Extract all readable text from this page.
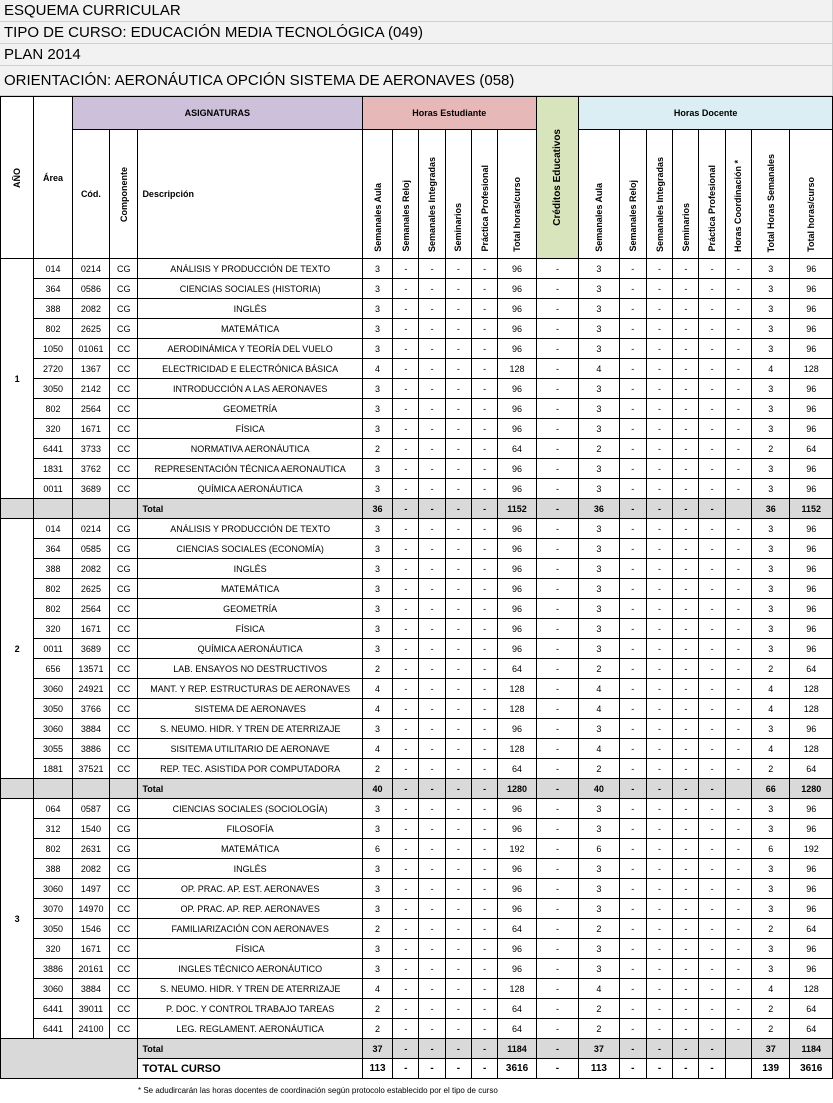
ESQUEMA CURRICULAR
TIPO DE CURSO: EDUCACIÓN MEDIA TECNOLÓGICA (049)
PLAN 2014
ORIENTACIÓN: AERONÁUTICA OPCIÓN SISTEMA DE AERONAVES (058)
AÑO	Área	ASIGNATURAS			Horas Estudiante						Créditos Educativos	Horas Docente							
		Cód.	Componente	Descripción	Semanales Aula	Semanales Reloj	Semanales Integradas	Seminarios	Práctica Profesional	Total horas/curso		Semanales Aula	Semanales Reloj	Semanales Integradas	Seminarios	Práctica Profesional	Horas Coordinación *	Total Horas Semanales	Total horas/curso

1	014	0214	CG	ANÁLISIS Y PRODUCCIÓN DE TEXTO	3	-	-	-	-	96	-	3	-	-	-	-	-	3	96
	364	0586	CG	CIENCIAS SOCIALES (HISTORIA)	3	-	-	-	-	96	-	3	-	-	-	-	-	3	96
	388	2082	CG	INGLÉS	3	-	-	-	-	96	-	3	-	-	-	-	-	3	96
	802	2625	CG	MATEMÁTICA	3	-	-	-	-	96	-	3	-	-	-	-	-	3	96
	1050	01061	CC	AERODINÁMICA Y TEORÍA DEL VUELO	3	-	-	-	-	96	-	3	-	-	-	-	-	3	96
	2720	1367	CC	ELECTRICIDAD E ELECTRÓNICA BÁSICA	4	-	-	-	-	128	-	4	-	-	-	-	-	4	128
	3050	2142	CC	INTRODUCCIÓN A LAS AERONAVES	3	-	-	-	-	96	-	3	-	-	-	-	-	3	96
	802	2564	CC	GEOMETRÍA	3	-	-	-	-	96	-	3	-	-	-	-	-	3	96
	320	1671	CC	FÍSICA	3	-	-	-	-	96	-	3	-	-	-	-	-	3	96
	6441	3733	CC	NORMATIVA AERONÁUTICA	2	-	-	-	-	64	-	2	-	-	-	-	-	2	64
	1831	3762	CC	REPRESENTACIÓN TÉCNICA AERONAUTICA	3	-	-	-	-	96	-	3	-	-	-	-	-	3	96
	0011	3689	CC	QUÍMICA AERONÁUTICA	3	-	-	-	-	96	-	3	-	-	-	-	-	3	96
				Total	36	-	-	-	-	1152	-	36	-	-	-	-		36	1152
2	014	0214	CG	ANÁLISIS Y PRODUCCIÓN DE TEXTO	3	-	-	-	-	96	-	3	-	-	-	-	-	3	96
	364	0585	CG	CIENCIAS SOCIALES (ECONOMÍA)	3	-	-	-	-	96	-	3	-	-	-	-	-	3	96
	388	2082	CG	INGLÉS	3	-	-	-	-	96	-	3	-	-	-	-	-	3	96
	802	2625	CG	MATEMÁTICA	3	-	-	-	-	96	-	3	-	-	-	-	-	3	96
	802	2564	CC	GEOMETRÍA	3	-	-	-	-	96	-	3	-	-	-	-	-	3	96
	320	1671	CC	FÍSICA	3	-	-	-	-	96	-	3	-	-	-	-	-	3	96
	0011	3689	CC	QUÍMICA AERONÁUTICA	3	-	-	-	-	96	-	3	-	-	-	-	-	3	96
	656	13571	CC	LAB. ENSAYOS NO DESTRUCTIVOS	2	-	-	-	-	64	-	2	-	-	-	-	-	2	64
	3060	24921	CC	MANT. Y REP. ESTRUCTURAS DE AERONAVES	4	-	-	-	-	128	-	4	-	-	-	-	-	4	128
	3050	3766	CC	SISTEMA DE AERONAVES	4	-	-	-	-	128	-	4	-	-	-	-	-	4	128
	3060	3884	CC	S. NEUMO. HIDR. Y TREN DE ATERRIZAJE	3	-	-	-	-	96	-	3	-	-	-	-	-	3	96
	3055	3886	CC	SISITEMA UTILITARIO DE AERONAVE	4	-	-	-	-	128	-	4	-	-	-	-	-	4	128
	1881	37521	CC	REP. TEC. ASISTIDA POR COMPUTADORA	2	-	-	-	-	64	-	2	-	-	-	-	-	2	64
				Total	40	-	-	-	-	1280	-	40	-	-	-	-		66	1280
3	064	0587	CG	CIENCIAS SOCIALES (SOCIOLOGÍA)	3	-	-	-	-	96	-	3	-	-	-	-	-	3	96
	312	1540	CG	FILOSOFÍA	3	-	-	-	-	96	-	3	-	-	-	-	-	3	96
	802	2631	CG	MATEMÁTICA	6	-	-	-	-	192	-	6	-	-	-	-	-	6	192
	388	2082	CG	INGLÉS	3	-	-	-	-	96	-	3	-	-	-	-	-	3	96
	3060	1497	CC	OP. PRAC. AP. EST. AERONAVES	3	-	-	-	-	96	-	3	-	-	-	-	-	3	96
	3070	14970	CC	OP. PRAC. AP. REP. AERONAVES	3	-	-	-	-	96	-	3	-	-	-	-	-	3	96
	3050	1546	CC	FAMILIARIZACIÓN CON AERONAVES	2	-	-	-	-	64	-	2	-	-	-	-	-	2	64
	320	1671	CC	FÍSICA	3	-	-	-	-	96	-	3	-	-	-	-	-	3	96
	3886	20161	CC	INGLES TÉCNICO AERONÁUTICO	3	-	-	-	-	96	-	3	-	-	-	-	-	3	96
	3060	3884	CC	S. NEUMO. HIDR. Y TREN DE ATERRIZAJE	4	-	-	-	-	128	-	4	-	-	-	-	-	4	128
	6441	39011	CC	P. DOC. Y CONTROL TRABAJO TAREAS	2	-	-	-	-	64	-	2	-	-	-	-	-	2	64
	6441	24100	CC	LEG. REGLAMENT. AERONÁUTICA	2	-	-	-	-	64	-	2	-	-	-	-	-	2	64
				Total	37	-	-	-	-	1184	-	37	-	-	-	-		37	1184
				TOTAL CURSO	113	-	-	-	-	3616	-	113	-	-	-	-		139	3616
* Se adudircarán las horas docentes de coordinación según protocolo establecido por el tipo de curso
